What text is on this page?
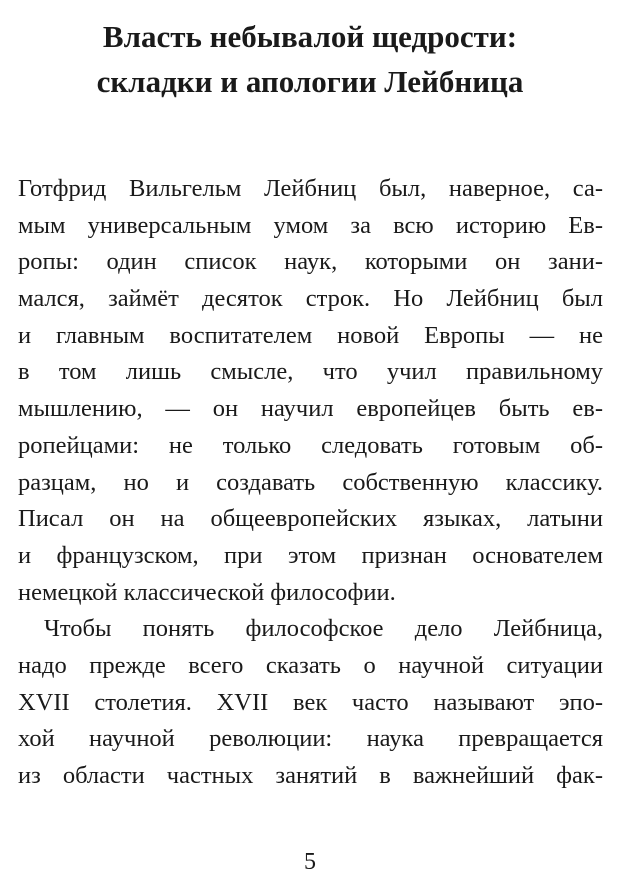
Власть небывалой щедрости:
складки и апологии Лейбница
Готфрид Вильгельм Лейбниц был, наверное, са-
мым универсальным умом за всю историю Ев-
ропы: один список наук, которыми он зани-
мался, займёт десяток строк. Но Лейбниц был
и главным воспитателем новой Европы — не
в том лишь смысле, что учил правильному
мышлению, — он научил европейцев быть ев-
ропейцами: не только следовать готовым об-
разцам, но и создавать собственную классику.
Писал он на общеевропейских языках, латыни
и французском, при этом признан основателем
немецкой классической философии.
Чтобы понять философское дело Лейбница,
надо прежде всего сказать о научной ситуации
XVII столетия. XVII век часто называют эпо-
хой научной революции: наука превращается
из области частных занятий в важнейший фак-
5
